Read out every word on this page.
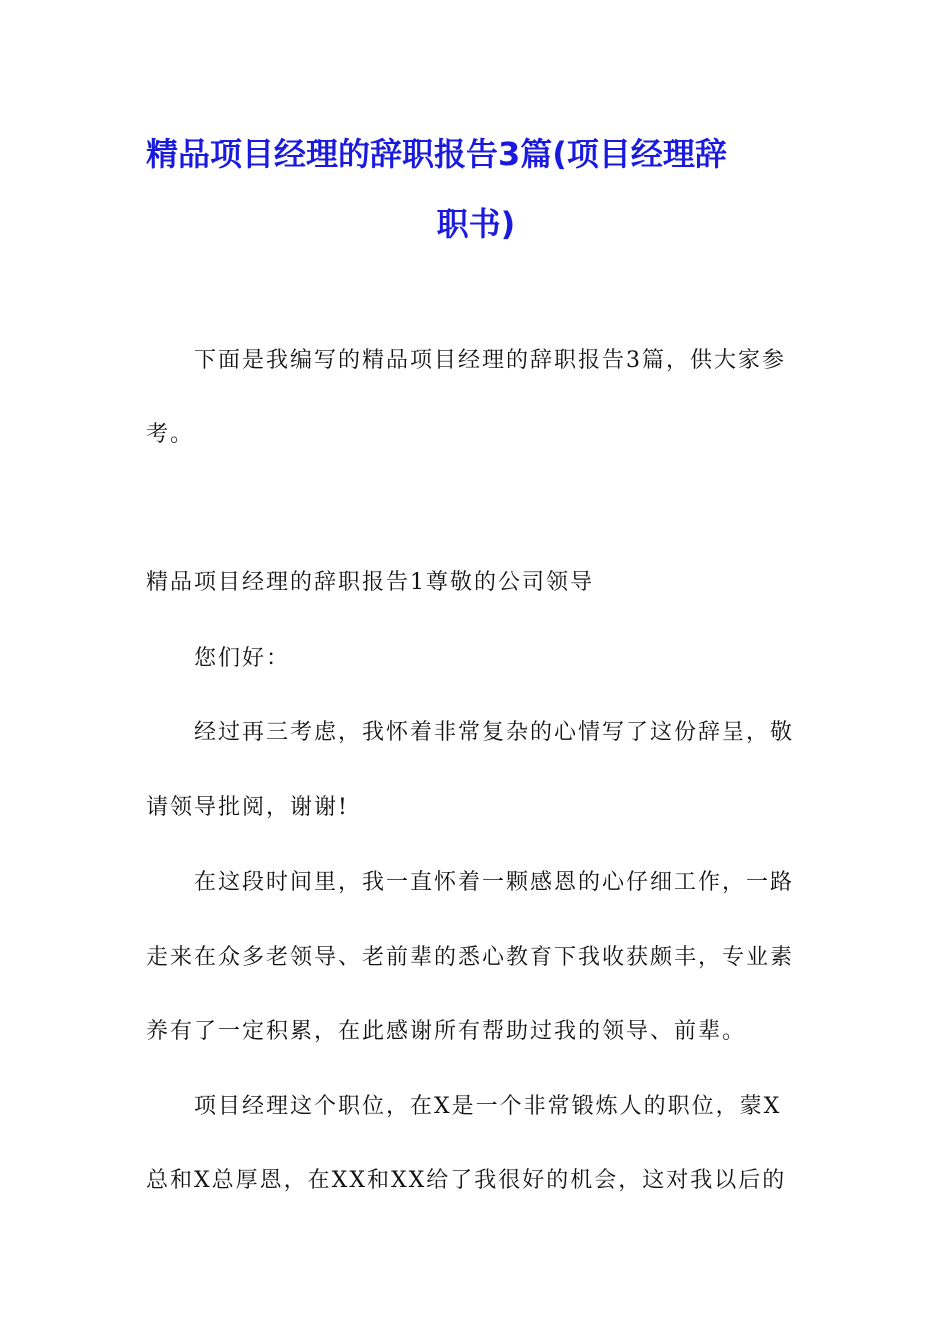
精品项目经理的辞职报告3篇(项目经理辞
职书)
下面是我编写的精品项目经理的辞职报告3篇，供大家参
考。
精品项目经理的辞职报告1尊敬的公司领导
您们好：
经过再三考虑，我怀着非常复杂的心情写了这份辞呈，敬
请领导批阅，谢谢!
在这段时间里，我一直怀着一颗感恩的心仔细工作，一路
走来在众多老领导、老前辈的悉心教育下我收获颇丰，专业素
养有了一定积累，在此感谢所有帮助过我的领导、前辈。
项目经理这个职位，在X是一个非常锻炼人的职位，蒙X
总和X总厚恩，在XX和XX给了我很好的机会，这对我以后的
